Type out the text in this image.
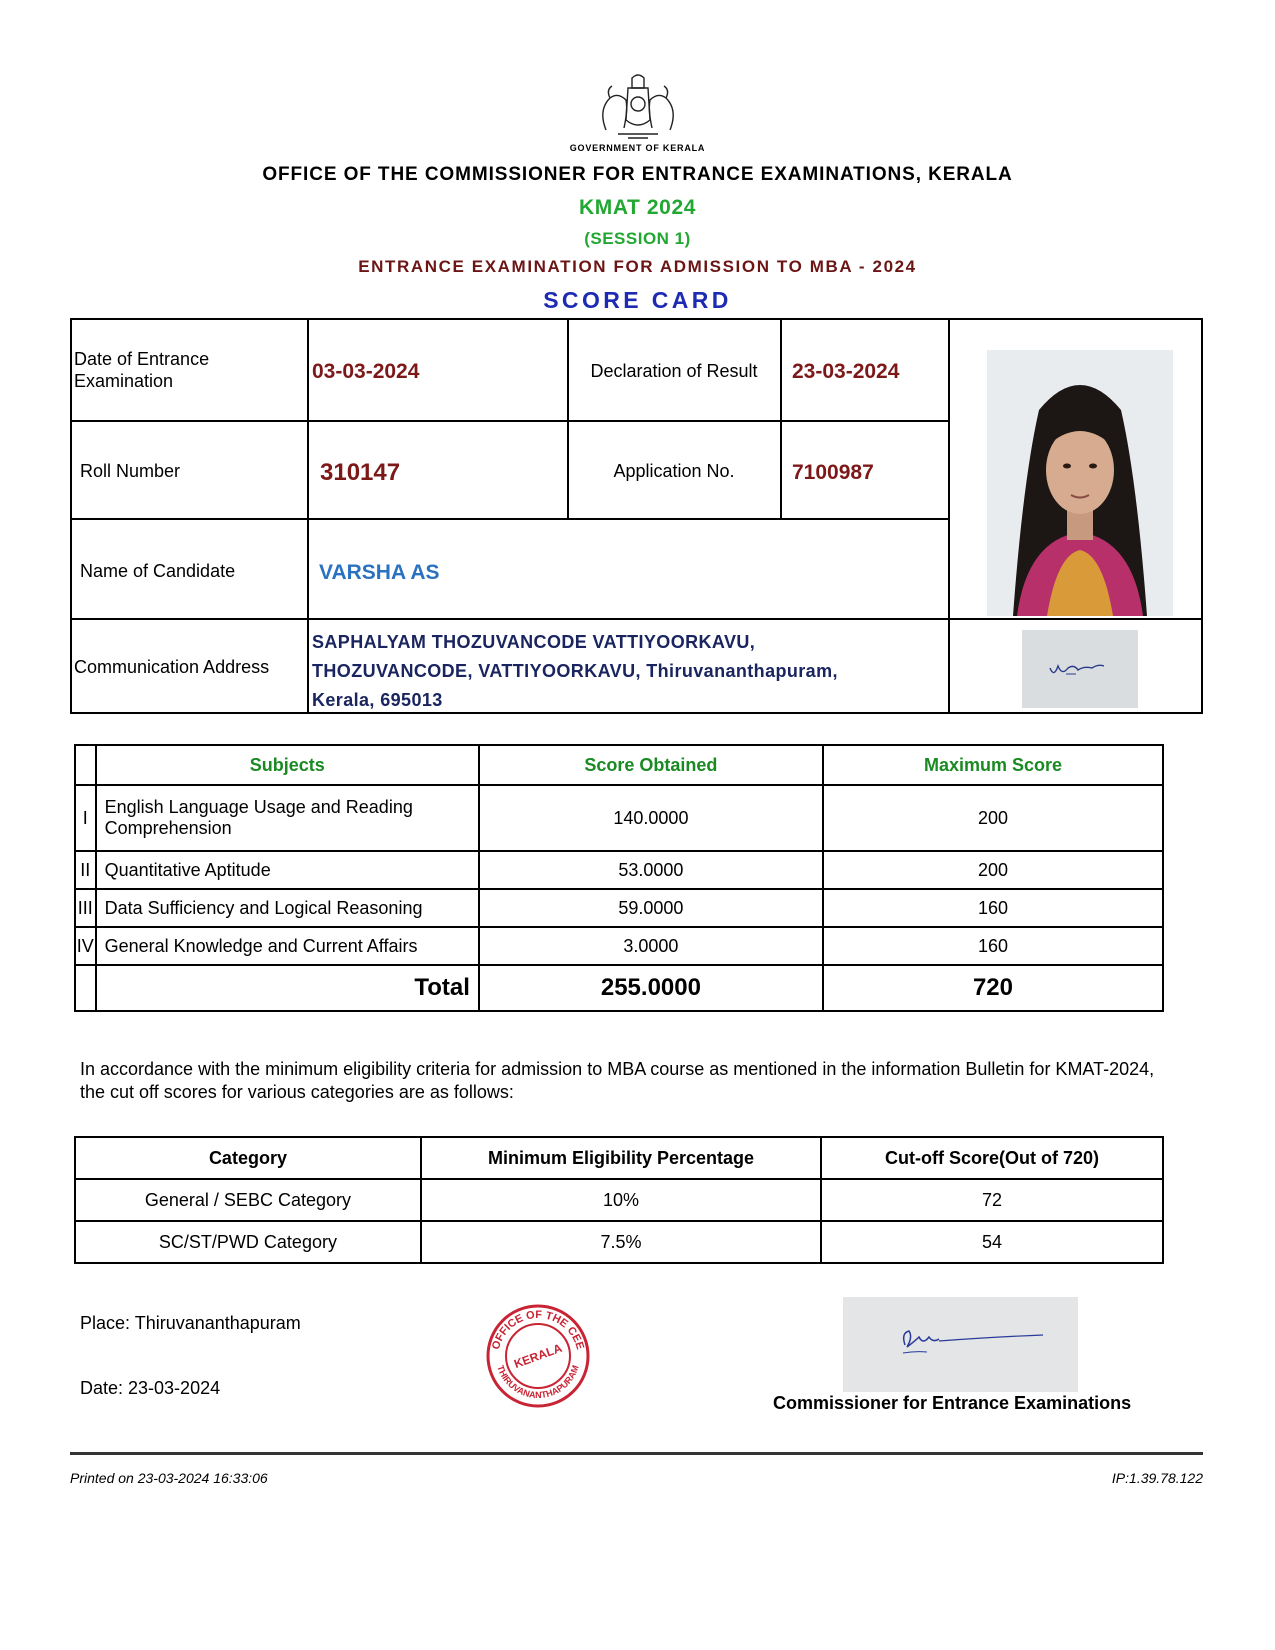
GOVERNMENT OF KERALA
OFFICE OF THE COMMISSIONER FOR ENTRANCE EXAMINATIONS, KERALA
KMAT 2024
(SESSION 1)
ENTRANCE EXAMINATION FOR ADMISSION TO MBA - 2024
SCORE CARD
Date of Entrance Examination	03-03-2024	Declaration of Result	23-03-2024
Roll Number	310147	Application No.	7100987
Name of Candidate	VARSHA AS
Communication Address
SAPHALYAM THOZUVANCODE VATTIYOORKAVU,
THOZUVANCODE, VATTIYOORKAVU, Thiruvananthapuram,
Kerala, 695013
	Subjects	Score Obtained	Maximum Score
I	English Language Usage and Reading Comprehension	140.0000	200
II	Quantitative Aptitude	53.0000	200
III	Data Sufficiency and Logical Reasoning	59.0000	160
IV	General Knowledge and Current Affairs	3.0000	160
	Total	255.0000	720
In accordance with the minimum eligibility criteria for admission to MBA course as mentioned in the information Bulletin for KMAT-2024, the cut off scores for various categories are as follows:
Category	Minimum Eligibility Percentage	Cut-off Score(Out of 720)
General / SEBC Category	10%	72
SC/ST/PWD Category	7.5%	54
Place: Thiruvananthapuram
Date: 23-03-2024
OFFICE OF THE CEE
THIRUVANANTHAPURAM
KERALA
Commissioner for Entrance Examinations
Printed on 23-03-2024 16:33:06	IP:1.39.78.122
